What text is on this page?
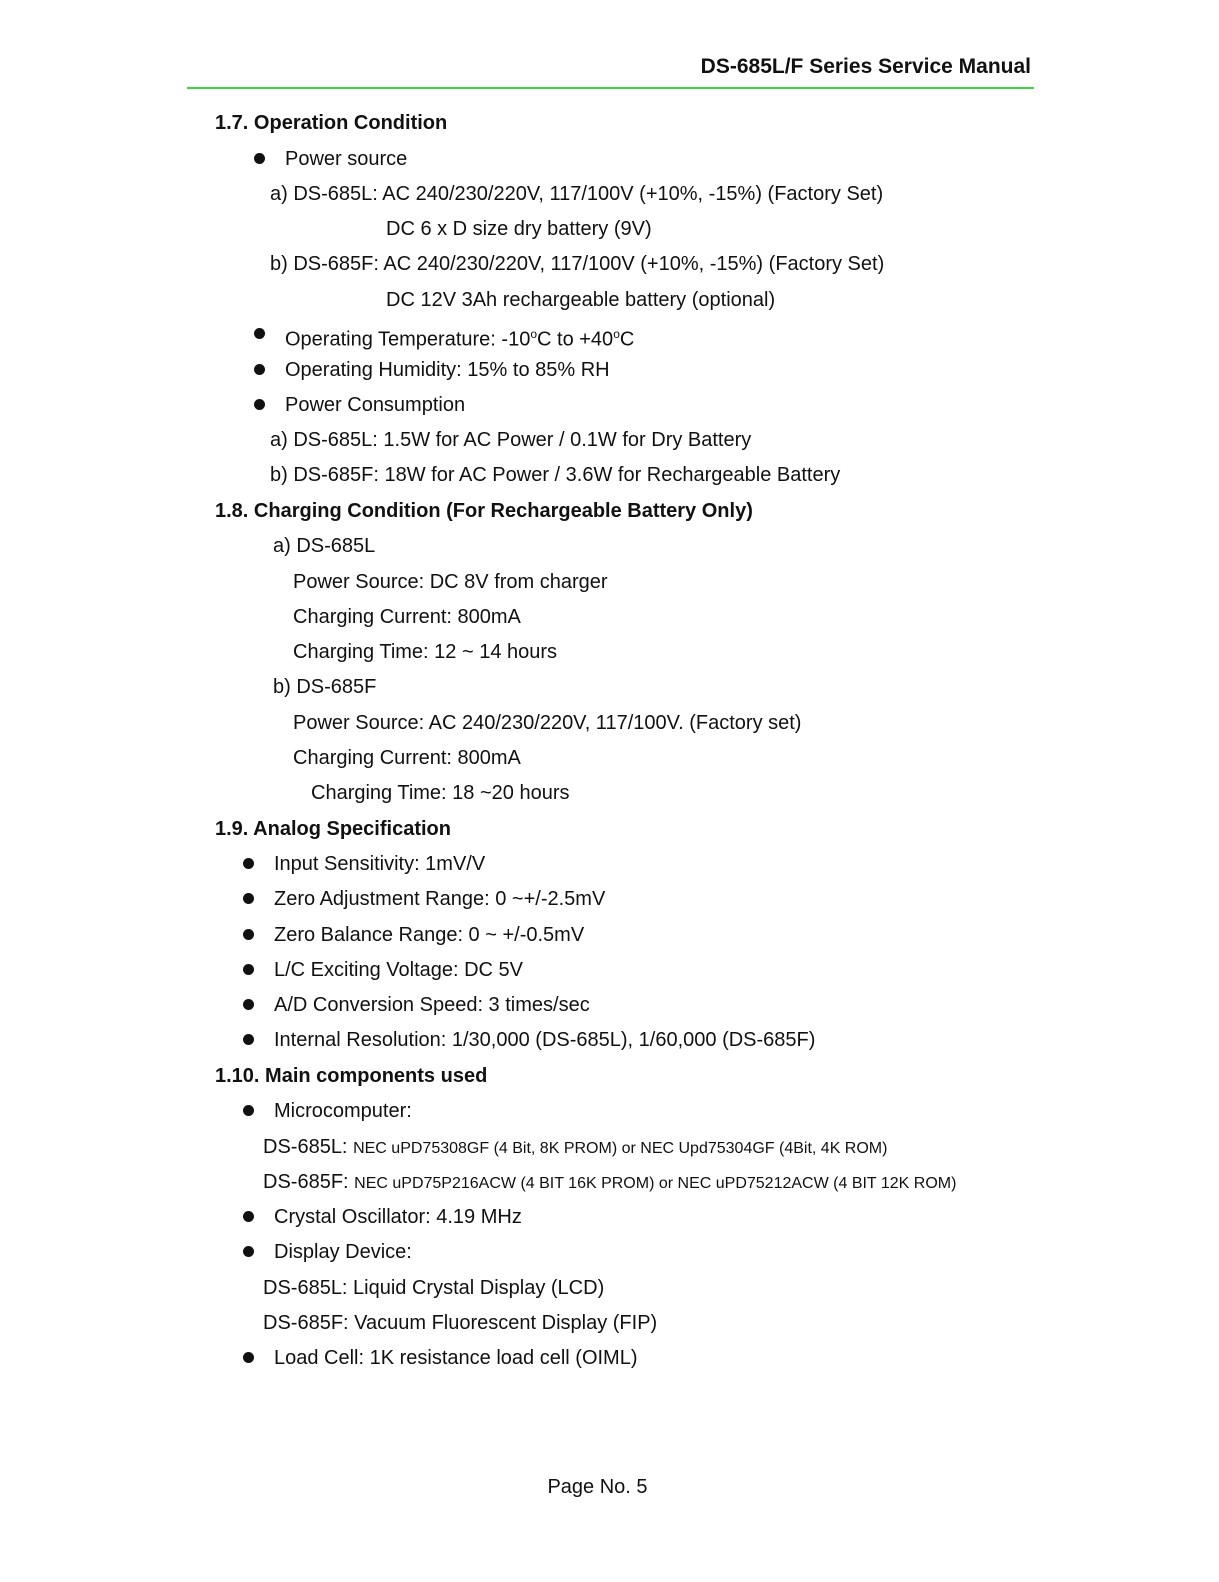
DS-685L/F Series Service Manual
1.7. Operation Condition
Power source
a) DS-685L: AC 240/230/220V, 117/100V (+10%, -15%) (Factory Set)
DC 6 x D size dry battery (9V)
b) DS-685F: AC 240/230/220V, 117/100V (+10%, -15%) (Factory Set)
DC 12V 3Ah rechargeable battery (optional)
Operating Temperature: -10$^o$C to $+40^oC$
Operating Humidity: 15% to 85% RH
Power Consumption
a) DS-685L: 1.5W for AC Power / 0.1W for Dry Battery
b) DS-685F: 18W for AC Power / 3.6W for Rechargeable Battery
1.8. Charging Condition (For Rechargeable Battery Only)
a) DS-685L
Power Source: DC 8V from charger
Charging Current: 800mA
Charging Time: 12 ~ 14 hours
b) DS-685F
Power Source: AC 240/230/220V, 117/100V. (Factory set)
Charging Current: 800mA
Charging Time: 18 ~20 hours
1.9. Analog Specification
Input Sensitivity: 1mV/V
Zero Adjustment Range: 0 ~+/-2.5mV
Zero Balance Range: 0 ~ +/-0.5mV
L/C Exciting Voltage: DC 5V
A/D Conversion Speed: 3 times/sec
Internal Resolution: 1/30,000 (DS-685L), 1/60,000 (DS-685F)
1.10. Main components used
Microcomputer:
DS-685L: NEC uPD75308GF (4 Bit, 8K PROM) or NEC Upd75304GF (4Bit, 4K ROM)
DS-685F: NEC uPD75P216ACW (4 BIT 16K PROM) or NEC uPD75212ACW (4 BIT 12K ROM)
Crystal Oscillator: 4.19 MHz
Display Device:
DS-685L: Liquid Crystal Display (LCD)
DS-685F: Vacuum Fluorescent Display (FIP)
Load Cell: 1K resistance load cell (OIML)
Page No. 5
